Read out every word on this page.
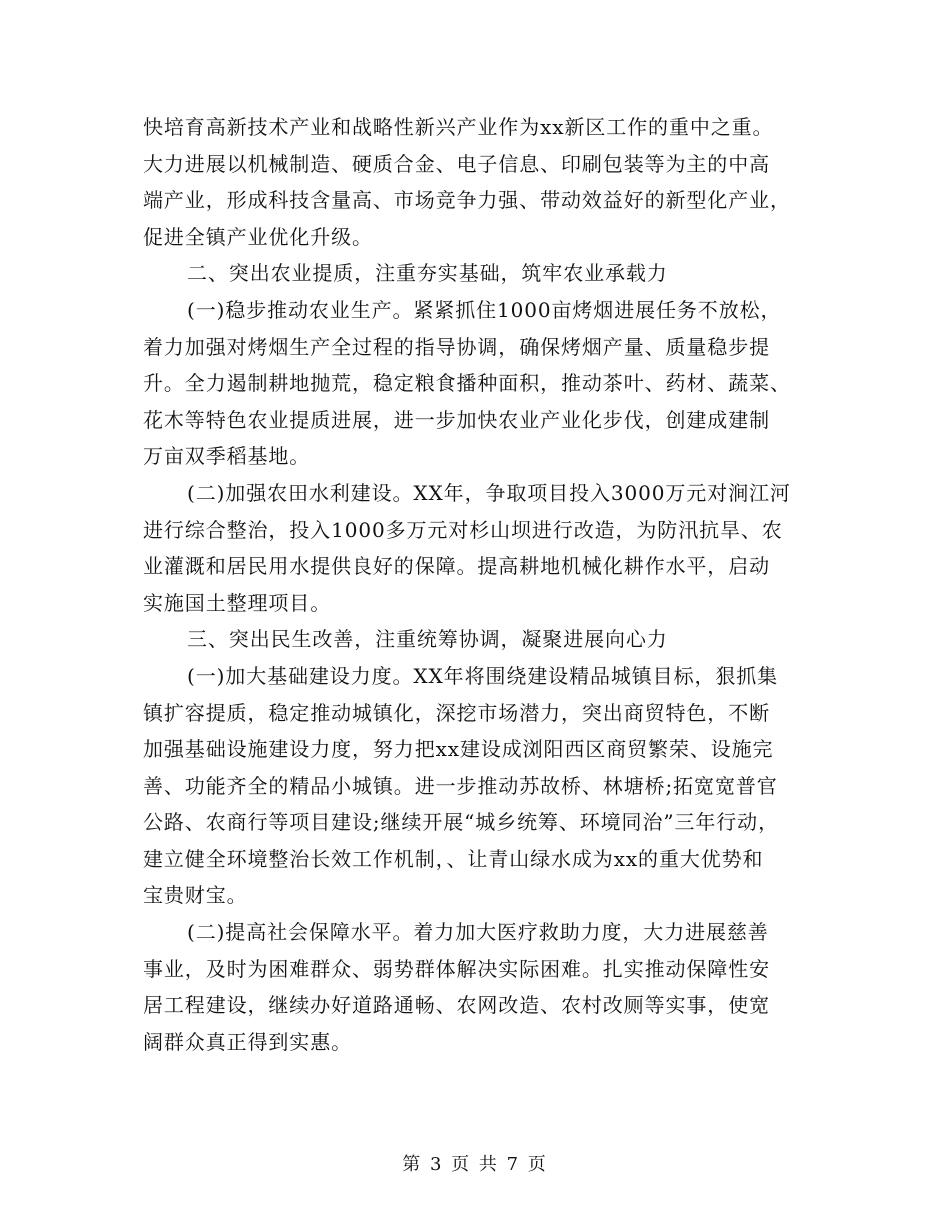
快培育高新技术产业和战略性新兴产业作为xx新区工作的重中之重。
大力进展以机械制造、硬质合金、电子信息、印刷包装等为主的中高
端产业，形成科技含量高、市场竞争力强、带动效益好的新型化产业，
促进全镇产业优化升级。
二、突出农业提质，注重夯实基础，筑牢农业承载力
(一)稳步推动农业生产。紧紧抓住1000亩烤烟进展任务不放松，
着力加强对烤烟生产全过程的指导协调，确保烤烟产量、质量稳步提
升。全力遏制耕地抛荒，稳定粮食播种面积，推动茶叶、药材、蔬菜、
花木等特色农业提质进展，进一步加快农业产业化步伐，创建成建制
万亩双季稻基地。
(二)加强农田水利建设。XX年，争取项目投入3000万元对涧江河
进行综合整治，投入1000多万元对杉山坝进行改造，为防汛抗旱、农
业灌溉和居民用水提供良好的保障。提高耕地机械化耕作水平，启动
实施国土整理项目。
三、突出民生改善，注重统筹协调，凝聚进展向心力
(一)加大基础建设力度。XX年将围绕建设精品城镇目标，狠抓集
镇扩容提质，稳定推动城镇化，深挖市场潜力，突出商贸特色，不断
加强基础设施建设力度，努力把xx建设成浏阳西区商贸繁荣、设施完
善、功能齐全的精品小城镇。进一步推动苏故桥、林塘桥;拓宽宽普官
公路、农商行等项目建设;继续开展“城乡统筹、环境同治”三年行动，
建立健全环境整治长效工作机制，、让青山绿水成为xx的重大优势和
宝贵财宝。
(二)提高社会保障水平。着力加大医疗救助力度，大力进展慈善
事业，及时为困难群众、弱势群体解决实际困难。扎实推动保障性安
居工程建设，继续办好道路通畅、农网改造、农村改厕等实事，使宽
阔群众真正得到实惠。
第 3 页 共 7 页
